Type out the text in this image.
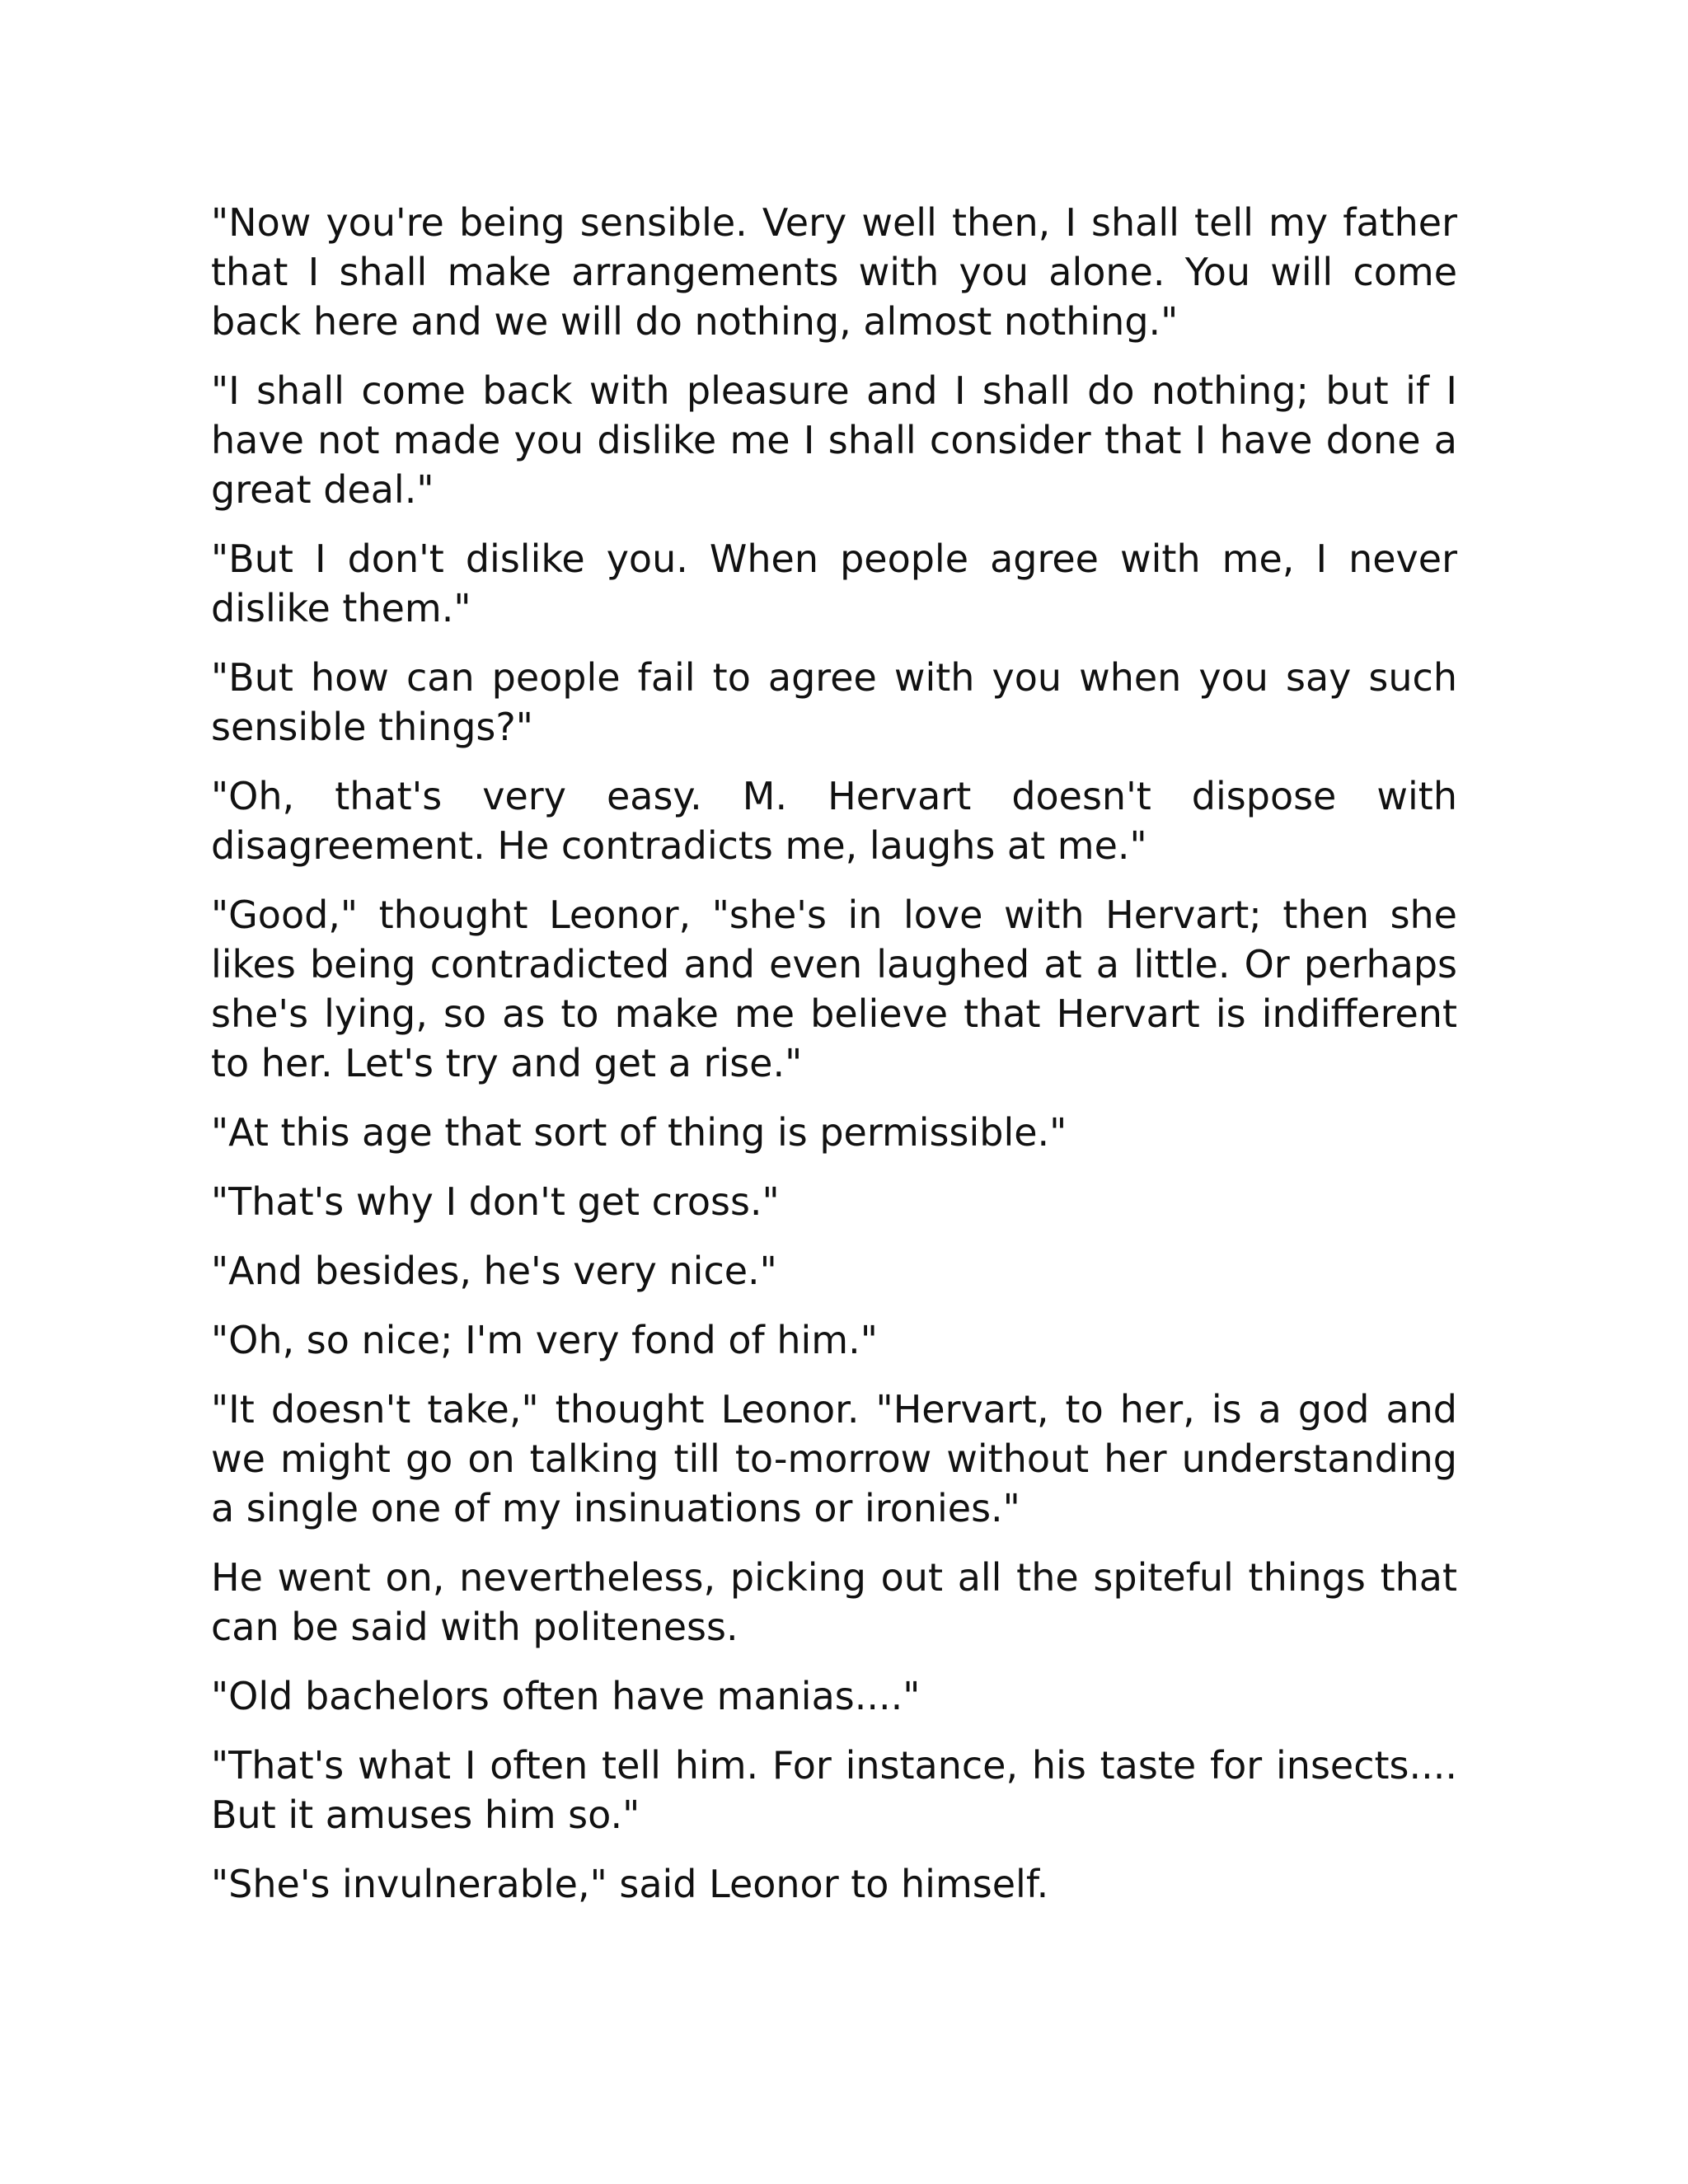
"Now you're being sensible. Very well then, I shall tell my father that I shall make arrangements with you alone. You will come back here and we will do nothing, almost nothing."

"I shall come back with pleasure and I shall do nothing; but if I have not made you dislike me I shall consider that I have done a great deal."

"But I don't dislike you. When people agree with me, I never dislike them."

"But how can people fail to agree with you when you say such sensible things?"

"Oh, that's very easy. M. Hervart doesn't dispose with disagreement. He contradicts me, laughs at me."

"Good," thought Leonor, "she's in love with Hervart; then she likes being contradicted and even laughed at a little. Or perhaps she's lying, so as to make me believe that Hervart is indifferent to her. Let's try and get a rise."

"At this age that sort of thing is permissible."

"That's why I don't get cross."

"And besides, he's very nice."

"Oh, so nice; I'm very fond of him."

"It doesn't take," thought Leonor. "Hervart, to her, is a god and we might go on talking till to-morrow without her understanding a single one of my insinuations or ironies."

He went on, nevertheless, picking out all the spiteful things that can be said with politeness.

"Old bachelors often have manias...."

"That's what I often tell him. For instance, his taste for insects.... But it amuses him so."

"She's invulnerable," said Leonor to himself.
